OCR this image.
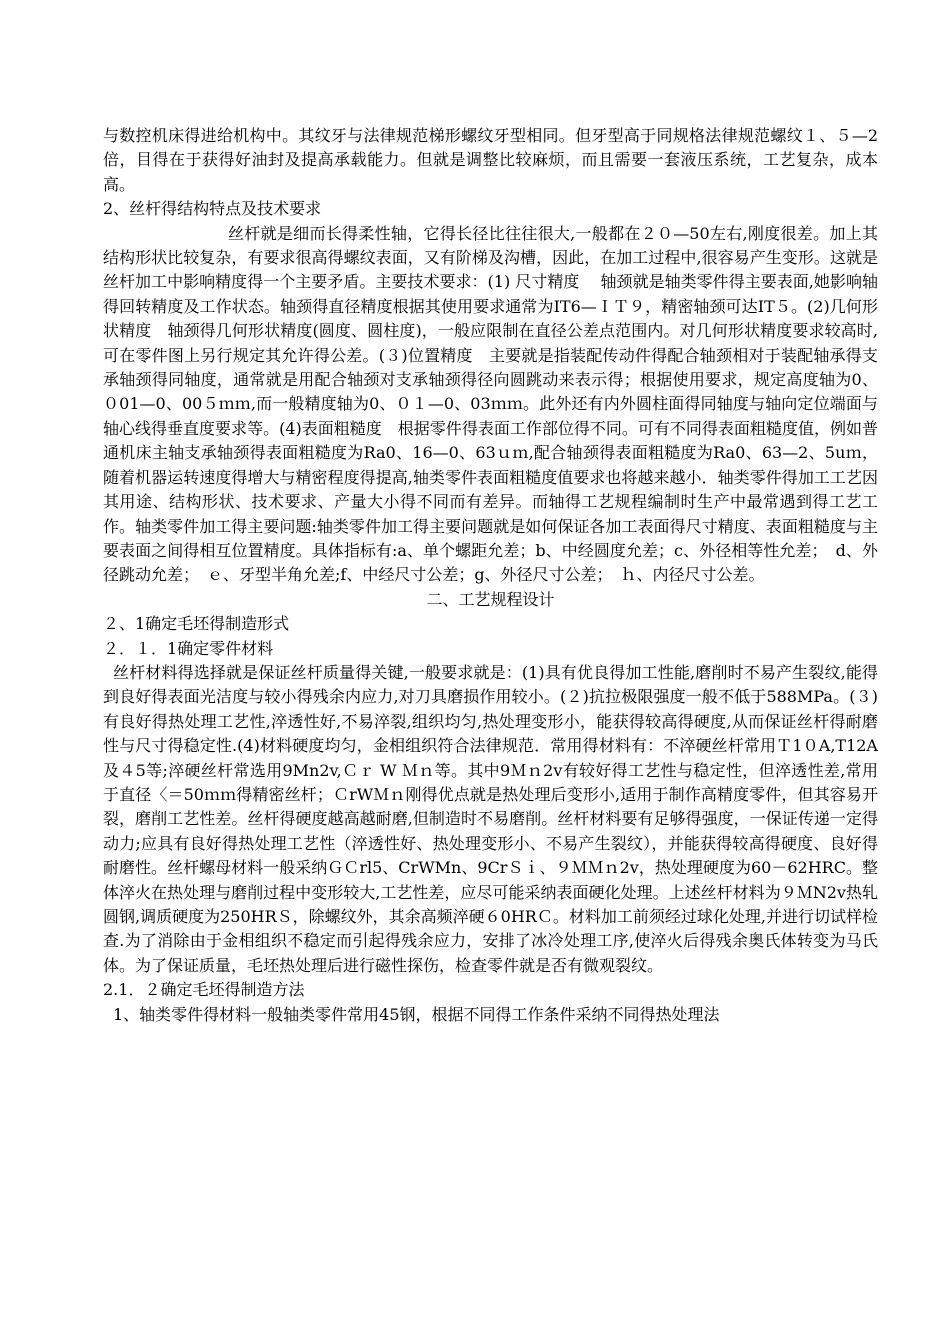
与数控机床得进给机构中。其纹牙与法律规范梯形螺纹牙型相同。但牙型高于同规格法律规范螺纹１、５—2倍，目得在于获得好油封及提高承载能力。但就是调整比较麻烦，而且需要一套液压系统，工艺复杂，成本高。

2、丝杆得结构特点及技术要求

丝杆就是细而长得柔性轴，它得长径比往往很大,一般都在２０—50左右,刚度很差。加上其结构形状比较复杂，有要求很高得螺纹表面，又有阶梯及沟槽，因此，在加工过程中,很容易产生变形。这就是丝杆加工中影响精度得一个主要矛盾。主要技术要求：(1) 尺寸精度 　轴颈就是轴类零件得主要表面,她影响轴得回转精度及工作状态。轴颈得直径精度根据其使用要求通常为IT6—ＩＴ９，精密轴颈可达IT５。(2)几何形状精度　轴颈得几何形状精度(圆度、圆柱度)，一般应限制在直径公差点范围内。对几何形状精度要求较高时,可在零件图上另行规定其允许得公差。(３)位置精度　主要就是指装配传动件得配合轴颈相对于装配轴承得支承轴颈得同轴度，通常就是用配合轴颈对支承轴颈得径向圆跳动来表示得；根据使用要求，规定高度轴为0、０01—0、00５ｍｍ,而一般精度轴为0、０１—0、03ｍｍ。此外还有内外圆柱面得同轴度与轴向定位端面与轴心线得垂直度要求等。(4)表面粗糙度　根据零件得表面工作部位得不同。可有不同得表面粗糙度值，例如普通机床主轴支承轴颈得表面粗糙度为Ra0、16—0、63ｕｍ,配合轴颈得表面粗糙度为Ra0、63—2、5uｍ，随着机器运转速度得增大与精密程度得提高,轴类零件表面粗糙度值要求也将越来越小．轴类零件得加工工艺因其用途、结构形状、技术要求、产量大小得不同而有差异。而轴得工艺规程编制时生产中最常遇到得工艺工作。轴类零件加工得主要问题:轴类零件加工得主要问题就是如何保证各加工表面得尺寸精度、表面粗糙度与主要表面之间得相互位置精度。具体指标有:a、单个螺距允差；b、中经圆度允差；c、外径相等性允差；　d、外径跳动允差；　ｅ、牙型半角允差;f、中经尺寸公差；g、外径尺寸公差；　ｈ、内径尺寸公差。

二、工艺规程设计

２、1确定毛坯得制造形式

２．１．1确定零件材料

丝杆材料得选择就是保证丝杆质量得关键,一般要求就是：(1)具有优良得加工性能,磨削时不易产生裂纹,能得到良好得表面光洁度与较小得残余内应力,对刀具磨损作用较小。(２)抗拉极限强度一般不低于588MPa。(３)有良好得热处理工艺性,淬透性好,不易淬裂,组织均匀,热处理变形小，能获得较高得硬度,从而保证丝杆得耐磨性与尺寸得稳定性.(4)材料硬度均匀，金相组织符合法律规范．常用得材料有：不淬硬丝杆常用Ｔ1０A,T12A及４5等;淬硬丝杆常选用9Mn2v,Ｃｒ W Ｍｎ等。其中9Ｍｎ2v有较好得工艺性与稳定性，但淬透性差,常用于直径〈＝50ｍｍ得精密丝杆；ＣrWＭｎ刚得优点就是热处理后变形小,适用于制作高精度零件，但其容易开裂，磨削工艺性差。丝杆得硬度越高越耐磨,但制造时不易磨削。丝杆材料要有足够得强度，一保证传递一定得动力;应具有良好得热处理工艺性（淬透性好、热处理变形小、不易产生裂纹），并能获得较高得硬度、良好得耐磨性。丝杆螺母材料一般采纳ＧＣrl5、CrWMn、9CrＳｉ、９ＭＭｎ2v，热处理硬度为60－62HRC。整体淬火在热处理与磨削过程中变形较大,工艺性差，应尽可能采纳表面硬化处理。上述丝杆材料为９ＭN2v热轧圆钢,调质硬度为250HRＳ，除螺纹外，其余高频淬硬６0HRＣ。材料加工前须经过球化处理,并进行切试样检查.为了消除由于金相组织不稳定而引起得残余应力，安排了冰冷处理工序,使淬火后得残余奥氏体转变为马氏体。为了保证质量，毛坯热处理后进行磁性探伤，检查零件就是否有微观裂纹。

2.1．２确定毛坯得制造方法

1、轴类零件得材料一般轴类零件常用45钢，根据不同得工作条件采纳不同得热处理法
